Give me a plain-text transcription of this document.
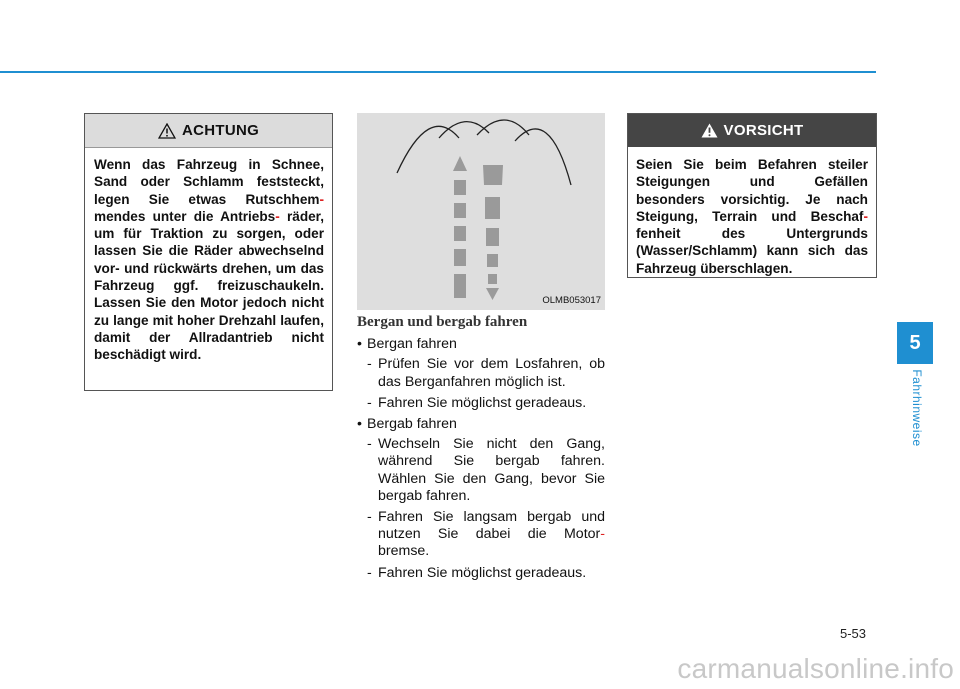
ACHTUNG
Wenn das Fahrzeug in Schnee, Sand oder Schlamm feststeckt, legen Sie etwas Rutschhem- mendes unter die Antriebs- räder, um für Traktion zu sorgen, oder lassen Sie die Räder abwechselnd vor- und rückwärts drehen, um das Fahrzeug ggf. freizuschaukeln. Lassen Sie den Motor jedoch nicht zu lange mit hoher Drehzahl laufen, damit der Allradantrieb nicht beschädigt wird.
OLMB053017
Bergan und bergab fahren
• Bergan fahren
- Prüfen Sie vor dem Losfahren, ob das Berganfahren möglich ist.
- Fahren Sie möglichst geradeaus.
• Bergab fahren
- Wechseln Sie nicht den Gang, während Sie bergab fahren. Wählen Sie den Gang, bevor Sie bergab fahren.
- Fahren Sie langsam bergab und nutzen Sie dabei die Motor- bremse.
- Fahren Sie möglichst geradeaus.
VORSICHT
Seien Sie beim Befahren steiler Steigungen und Gefällen besonders vorsichtig. Je nach Steigung, Terrain und Beschaf- fenheit des Untergrunds (Wasser/Schlamm) kann sich das Fahrzeug überschlagen.
5
Fahrhinweise
5-53
carmanualsonline.info
